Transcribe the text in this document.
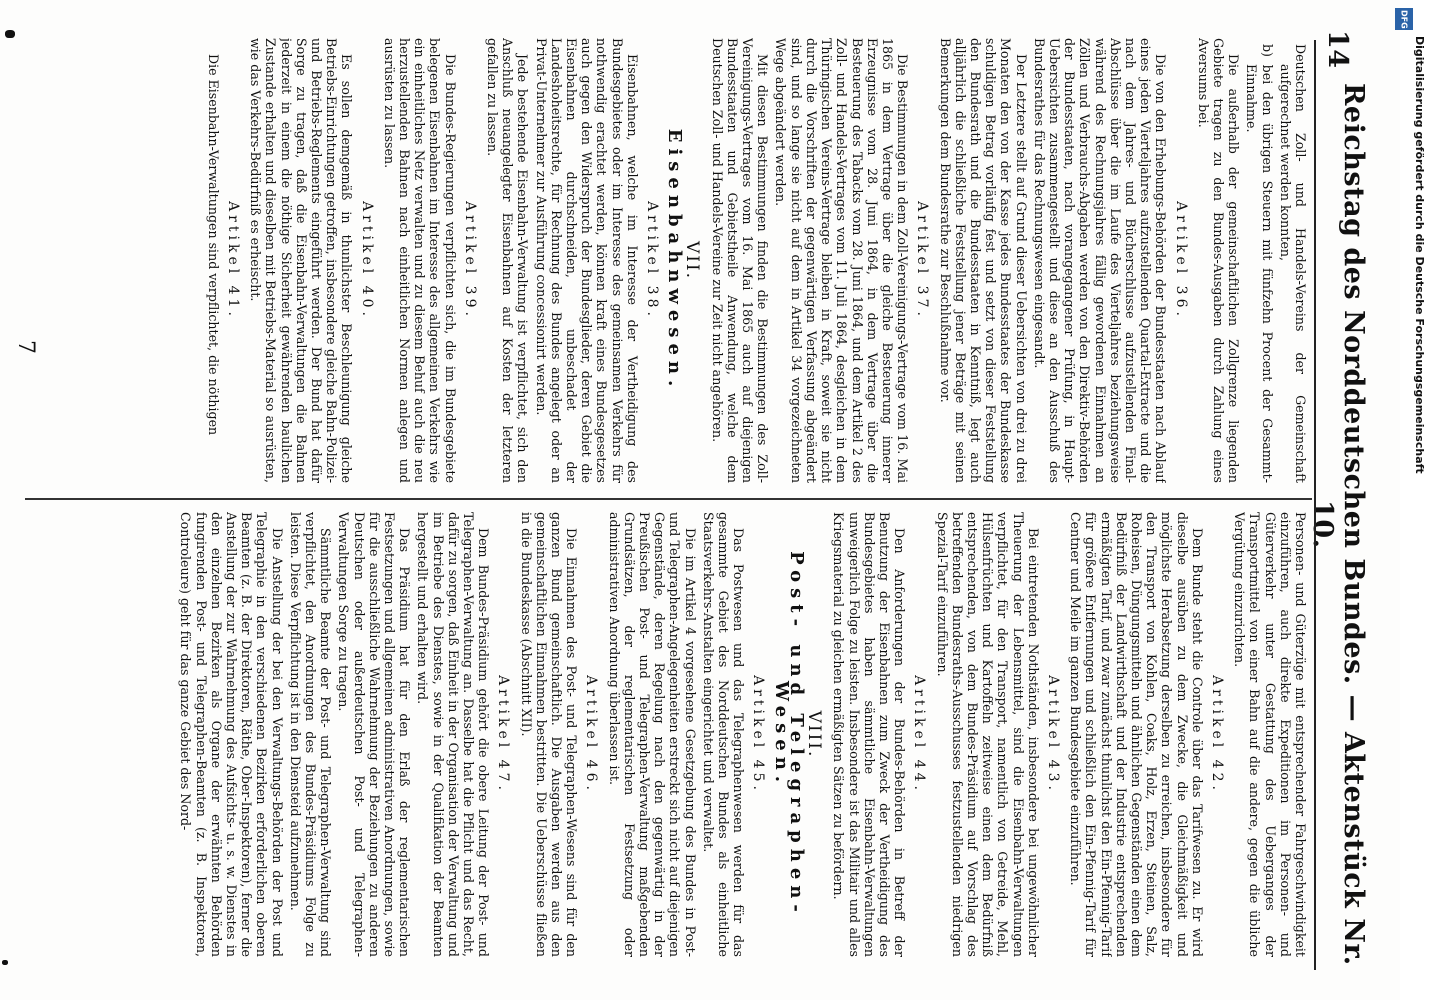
14
Reichstag des Norddeutschen Bundes. — Aktenstück Nr. 10.

Deutschen Zoll- und Handels-Vereins der Gemeinschaft aufgerechnet werden konnten,

b) bei den übrigen Steuern mit fünfzehn Procent der Gesammt-Einnahme.

Die außerhalb der gemeinschaftlichen Zollgrenze liegenden Gebiete tragen zu den Bundes-Ausgaben durch Zahlung eines Aversums bei.

Artikel 36.

Die von den Erhebungs-Behörden der Bundesstaaten nach Ablauf eines jeden Vierteljahres aufzustellenden Quartal-Extracte und die nach dem Jahres- und Bücherschlusse aufzustellenden Final-Abschlüsse über die im Laufe des Vierteljahres beziehungsweise während des Rechnungsjahres fällig gewordenen Einnahmen an Zöllen und Verbrauchs-Abgaben werden von den Direktiv-Behörden der Bundesstaaten, nach vorangegangener Prüfung, in Haupt-Uebersichten zusammengestellt und diese an den Ausschuß des Bundesrathes für das Rechnungswesen eingesandt.

Der Letztere stellt auf Grund dieser Uebersichten von drei zu drei Monaten den von der Kasse jedes Bundesstaates der Bundeskasse schuldigen Betrag vorläufig fest und setzt von dieser Feststellung den Bundesrath und die Bundesstaaten in Kenntniß, legt auch alljährlich die schließliche Feststellung jener Beträge mit seinen Bemerkungen dem Bundesrathe zur Beschlußnahme vor.

Artikel 37.

Die Bestimmungen in dem Zoll-Vereinigungs-Vertrage vom 16. Mai 1865 in dem Vertrage über die gleiche Besteuerung innerer Erzeugnisse vom 28. Juni 1864, in dem Vertrage über die Besteuerung des Tabacks vom 28. Juni 1864, und dem Artikel 2 des Zoll- und Handels-Vertrages vom 11. Juli 1864, desgleichen in dem Thüringischen Vereins-Vertrage bleiben in Kraft, soweit sie nicht durch die Vorschriften der gegenwärtigen Verfassung abgeändert sind, und so lange sie nicht auf dem in Artikel 34 vorgezeichneten Wege abgeändert werden.

Mit diesen Bestimmungen finden die Bestimmungen des Zoll-Vereinigungs-Vertrages vom 16. Mai 1865 auch auf diejenigen Bundesstaaten und Gebietstheile Anwendung, welche dem Deutschen Zoll- und Handels-Vereine zur Zeit nicht angehören.

VII.
Eisenbahnwesen.
Artikel 38.

Eisenbahnen, welche im Interesse der Vertheidigung des Bundesgebietes oder im Interesse des gemeinsamen Verkehrs für nothwendig erachtet werden, können kraft eines Bundesgesetzes auch gegen den Widerspruch der Bundesglieder, deren Gebiet die Eisenbahnen durchschneiden, unbeschadet der Landeshoheitsrechte, für Rechnung des Bundes angelegt oder an Privat-Unternehmer zur Ausführung concessionirt werden.

Jede bestehende Eisenbahn-Verwaltung ist verpflichtet, sich den Anschluß neuangelegter Eisenbahnen auf Kosten der letzteren gefallen zu lassen.

Artikel 39.

Die Bundes-Regierungen verpflichten sich, die im Bundesgebiete belegenen Eisenbahnen im Interesse des allgemeinen Verkehrs wie ein einheitliches Netz verwalten und zu diesem Behuf auch die neu herzustellenden Bahnen nach einheitlichen Normen anlegen und ausrüsten zu lassen.

Artikel 40.

Es sollen demgemäß in thunlichster Beschleunigung gleiche Betriebs-Einrichtungen getroffen, insbesondere gleiche Bahn-Polizei- und Betriebs-Reglements eingeführt werden. Der Bund hat dafür Sorge zu tragen, daß die Eisenbahn-Verwaltungen die Bahnen jederzeit in einem die nöthige Sicherheit gewährenden baulichen Zustande erhalten und dieselben mit Betriebs-Material so ausrüsten, wie das Verkehrs-Bedürfniß es erheischt.

Artikel 41.

Die Eisenbahn-Verwaltungen sind verpflichtet, die nöthigen

Personen- und Güterzüge mit entsprechender Fahrgeschwindigkeit einzuführen, auch direkte Expeditionen im Personen- und Güterverkehr unter Gestattung des Ueberganges der Transportmittel von einer Bahn auf die andere, gegen die übliche Vergütung einzurichten.

Artikel 42.

Dem Bunde steht die Controle über das Tarifwesen zu. Er wird dieselbe ausüben zu dem Zwecke, die Gleichmäßigkeit und möglichste Herabsetzung derselben zu erreichen, insbesondere für den Transport von Kohlen, Coaks, Holz, Erzen, Steinen, Salz, Roheisen, Düngungsmitteln und ähnlichen Gegenständen einen dem Bedürfniß der Landwirthschaft und der Industrie entsprechenden ermäßigten Tarif, und zwar zunächst thunlichst den Ein-Pfennig-Tarif für größere Entfernungen und schließlich den Ein-Pfennig-Tarif für Centner und Meile im ganzen Bundesgebiete einzuführen.

Artikel 43.

Bei eintretenden Nothständen, insbesondere bei ungewöhnlicher Theuerung der Lebensmittel, sind die Eisenbahn-Verwaltungen verpflichtet, für den Transport, namentlich von Getreide, Mehl, Hülsenfrüchten und Kartoffeln zeitweise einen dem Bedürfniß entsprechenden, von dem Bundes-Präsidium auf Vorschlag des betreffenden Bundesraths-Ausschusses festzustellenden niedrigen Spezial-Tarif einzuführen.

Artikel 44.

Den Anforderungen der Bundes-Behörden in Betreff der Benutzung der Eisenbahnen zum Zweck der Vertheidigung des Bundesgebietes haben sämmtliche Eisenbahn-Verwaltungen unweigerlich Folge zu leisten. Insbesondere ist das Militair und alles Kriegsmaterial zu gleichen ermäßigten Sätzen zu befördern.

VIII.
Post- und Telegraphen-Wesen.
Artikel 45.

Das Postwesen und das Telegraphenwesen werden für das gesammte Gebiet des Norddeutschen Bundes als einheitliche Staatsverkehrs-Anstalten eingerichtet und verwaltet.

Die im Artikel 4 vorgesehene Gesetzgebung des Bundes in Post- und Telegraphen-Angelegenheiten erstreckt sich nicht auf diejenigen Gegenstände, deren Regelung nach den gegenwärtig in der Preußischen Post- und Telegraphen-Verwaltung maßgebenden Grundsätzen, der reglementarischen Festsetzung oder administrativen Anordnung überlassen ist.

Artikel 46.

Die Einnahmen des Post- und Telegraphen-Wesens sind für den ganzen Bund gemeinschaftlich. Die Ausgaben werden aus den gemeinschaftlichen Einnahmen bestritten. Die Ueberschüsse fließen in die Bundeskasse (Abschnitt XII).

Artikel 47.

Dem Bundes-Präsidium gehört die obere Leitung der Post- und Telegraphen-Verwaltung an. Dasselbe hat die Pflicht und das Recht, dafür zu sorgen, daß Einheit in der Organisation der Verwaltung und im Betriebe des Dienstes, sowie in der Qualifikation der Beamten hergestellt und erhalten wird.

Das Präsidium hat für den Erlaß der reglementarischen Festsetzungen und allgemeinen administrativen Anordnungen, sowie für die ausschließliche Wahrnehmung der Beziehungen zu anderen Deutschen oder außerdeutschen Post- und Telegraphen-Verwaltungen Sorge zu tragen.

Sämmtliche Beamte der Post- und Telegraphen-Verwaltung sind verpflichtet, den Anordnungen des Bundes-Präsidiums Folge zu leisten. Diese Verpflichtung ist in den Diensteid aufzunehmen.

Die Anstellung der bei den Verwaltungs-Behörden der Post und Telegraphie in den verschiedenen Bezirken erforderlichen oberen Beamten (z. B. der Direktoren, Räthe, Ober-Inspektoren), ferner die Anstellung der zur Wahrnehmung des Aufsichts- u. s. w. Dienstes in den einzelnen Bezirken als Organe der erwähnten Behörden fungirenden Post- und Telegraphen-Beamten (z. B. Inspektoren, Controleure) geht für das ganze Gebiet des Nord-

7
DFG
Digitalisierung gefördert durch die Deutsche Forschungsgemeinschaft
